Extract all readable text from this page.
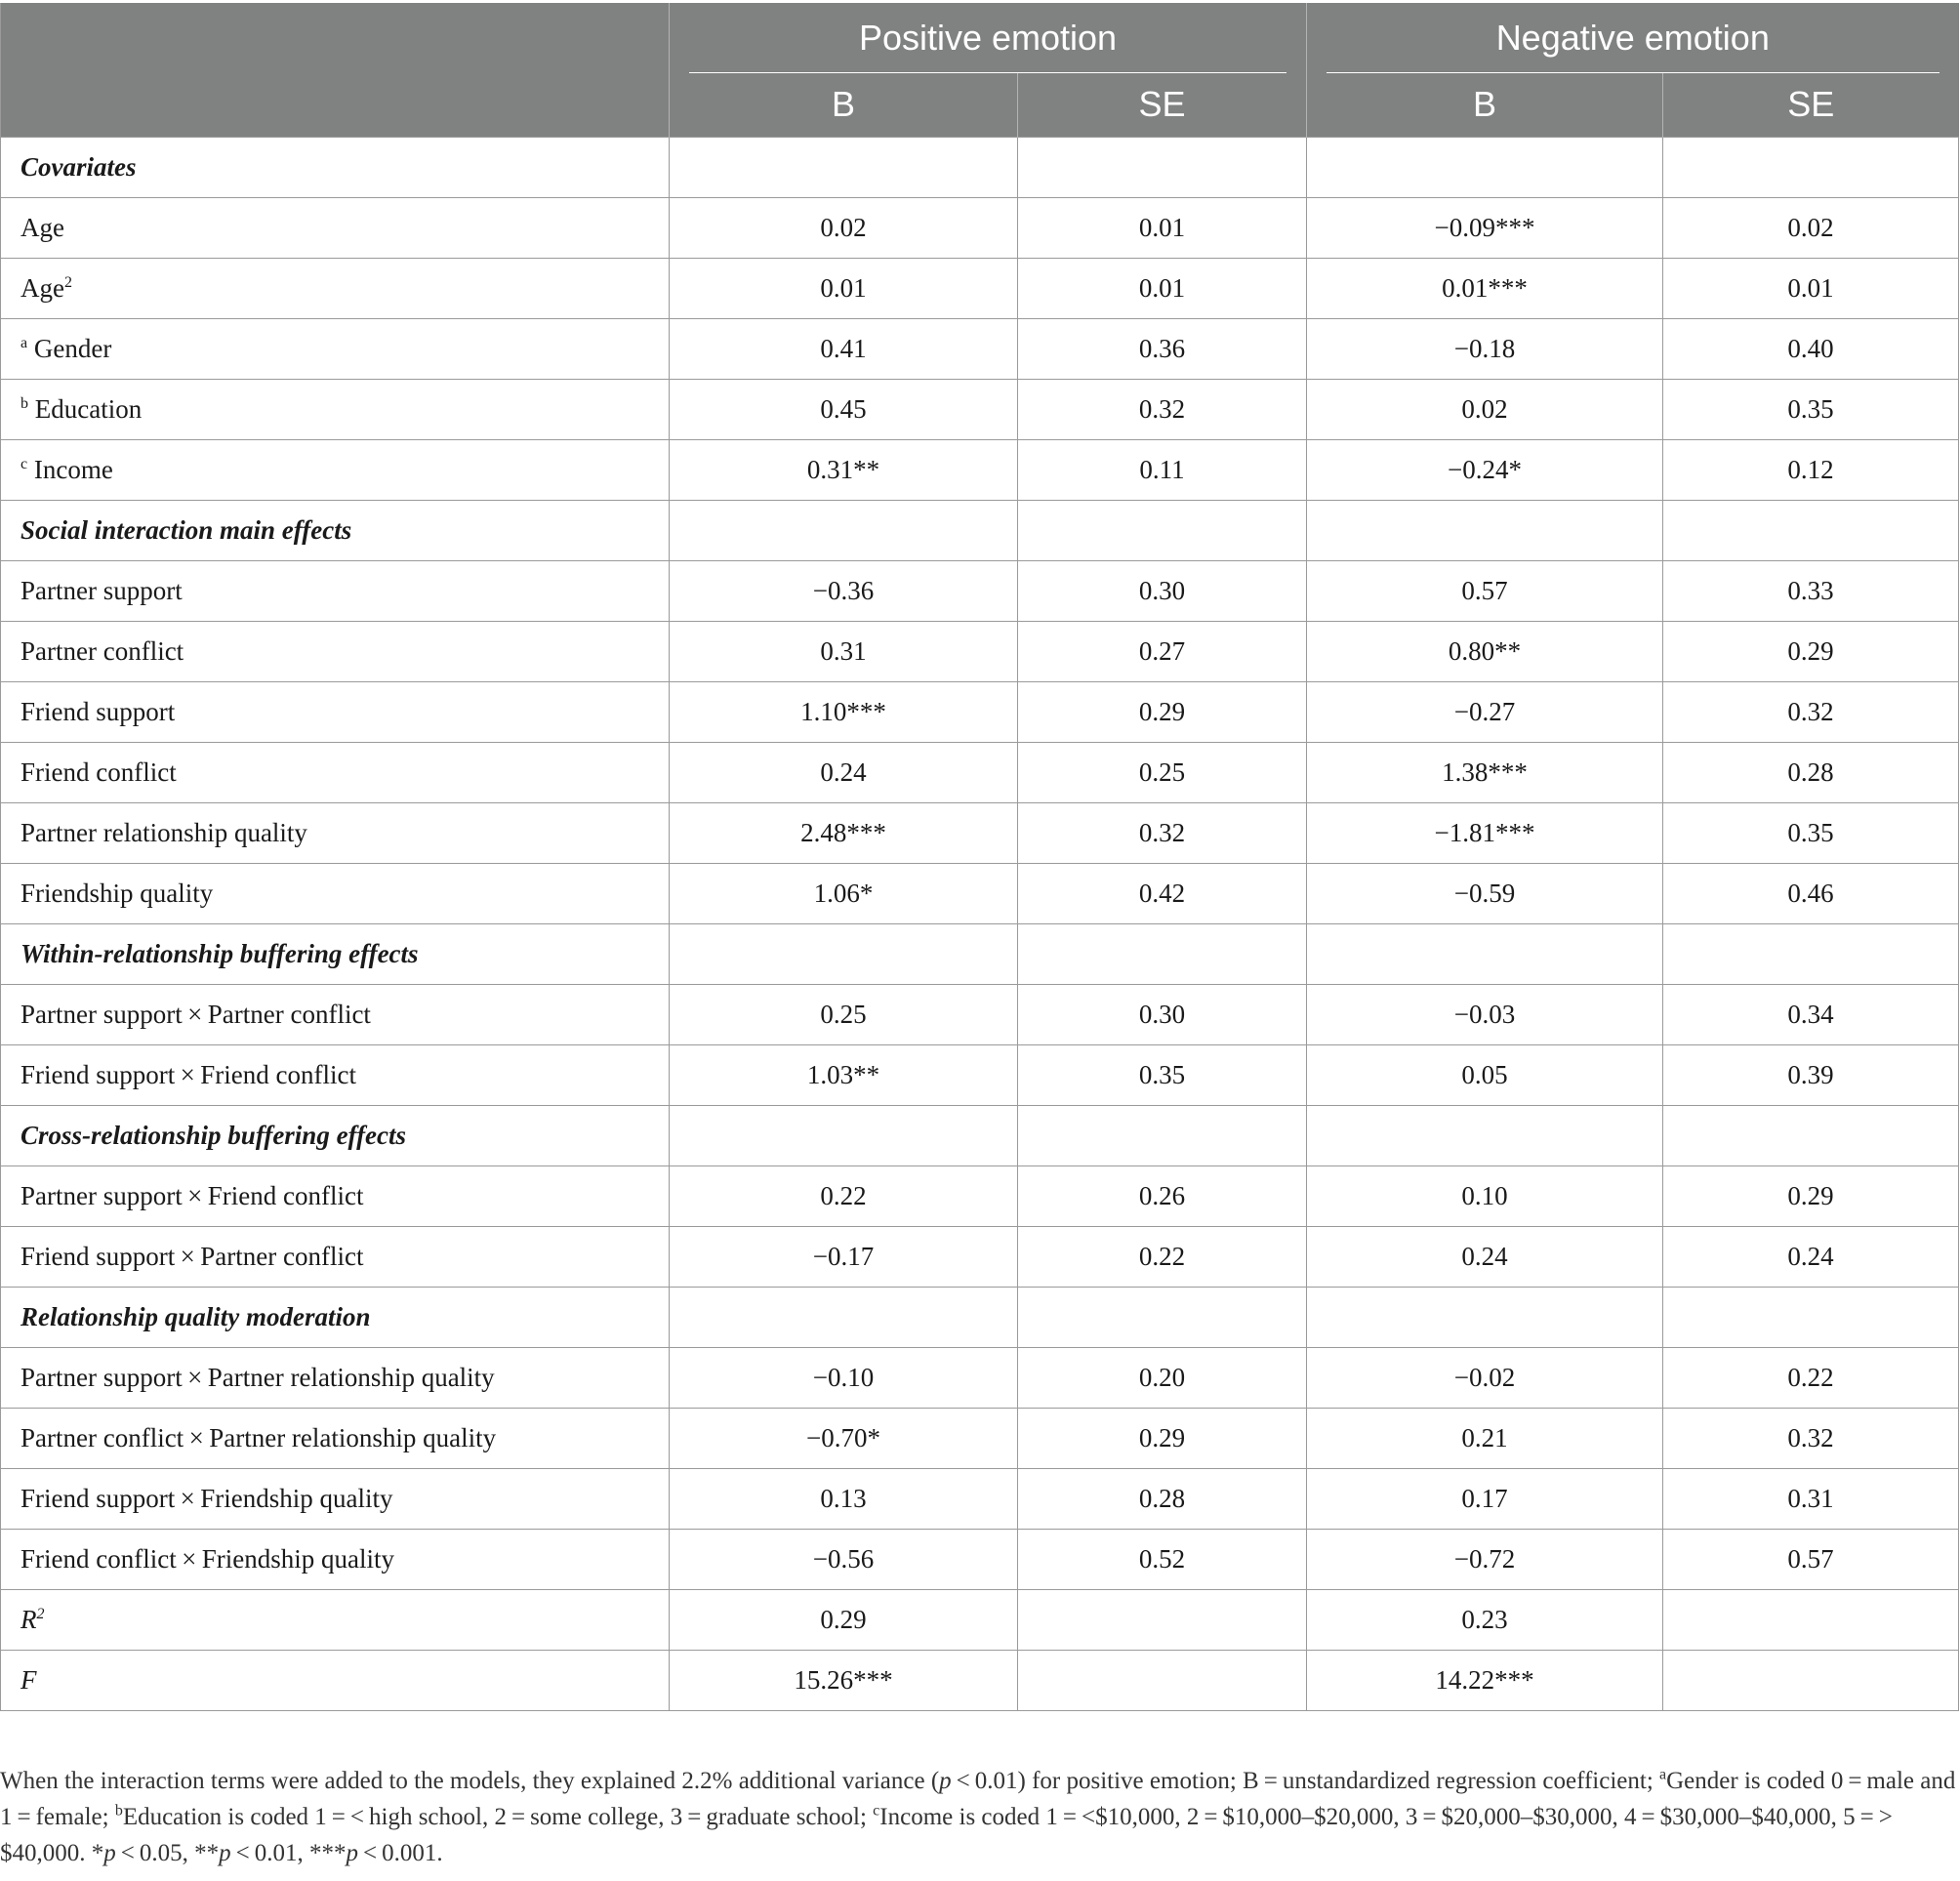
	Positive emotion		Negative emotion	

	B	SE	B	SE
Covariates				
Age	0.02	0.01	−0.09***	0.02
Age$^2$	0.01	0.01	0.01***	0.01
$^a$ Gender	0.41	0.36	−0.18	0.40
$^b$ Education	0.45	0.32	0.02	0.35
$^c$ Income	0.31**	0.11	−0.24*	0.12
Social interaction main effects				
Partner support	−0.36	0.30	0.57	0.33
Partner conflict	0.31	0.27	0.80**	0.29
Friend support	1.10***	0.29	−0.27	0.32
Friend conflict	0.24	0.25	1.38***	0.28
Partner relationship quality	2.48***	0.32	−1.81***	0.35
Friendship quality	1.06*	0.42	−0.59	0.46
Within-relationship buffering effects				
Partner support × Partner conflict	0.25	0.30	−0.03	0.34
Friend support × Friend conflict	1.03**	0.35	0.05	0.39
Cross-relationship buffering effects				
Partner support × Friend conflict	0.22	0.26	0.10	0.29
Friend support × Partner conflict	−0.17	0.22	0.24	0.24
Relationship quality moderation				
Partner support × Partner relationship quality	−0.10	0.20	−0.02	0.22
Partner conflict × Partner relationship quality	−0.70*	0.29	0.21	0.32
Friend support × Friendship quality	0.13	0.28	0.17	0.31
Friend conflict × Friendship quality	−0.56	0.52	−0.72	0.57
$R^2$	0.29		0.23	
F	15.26***		14.22***	
When the interaction terms were added to the models, they explained 2.2% additional variance (p < 0.01) for positive emotion; B = unstandardized regression coefficient; $^a$Gender is coded 0 = male and 1 = female; $^b$Education is coded 1 = < high school, 2 = some college, 3 = graduate school; $^c$Income is coded 1 = <$10,000, 2 = $10,000–$20,000, 3 = $20,000–$30,000, 4 = $30,000–$40,000, 5 = > $40,000. *p < 0.05, **p < 0.01, ***p < 0.001.
